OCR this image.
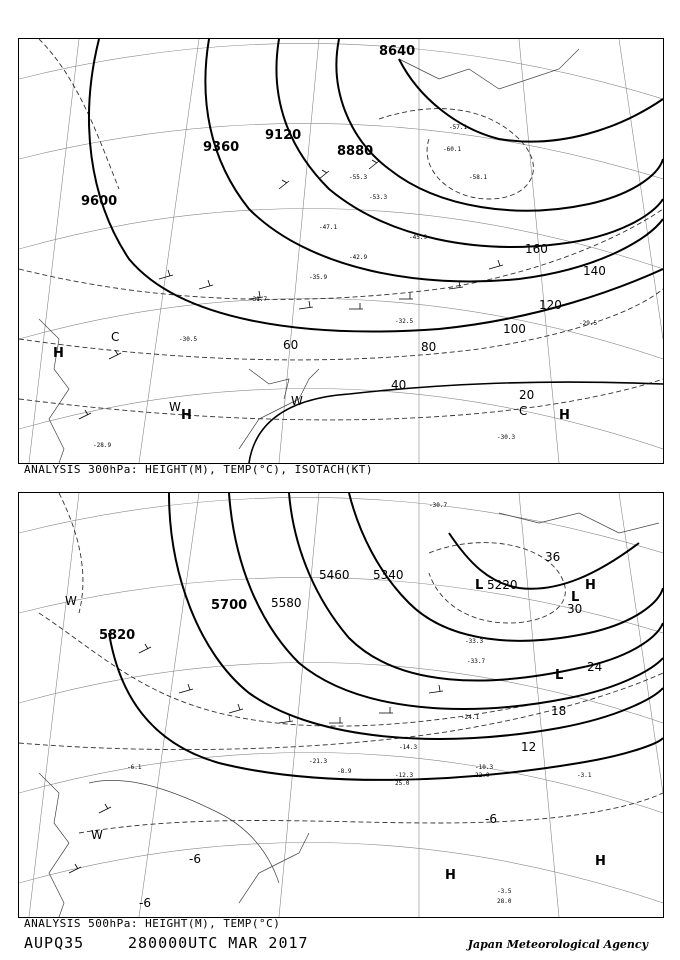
9600
9360
9120
8880
8640
20
40
60	80
100
120
140
160
H
H	H
C
C
W	W
-57.1
-55.3
-53.3
-45.9
-47.1
-42.9
-35.9
-32.5
-31.7
-30.5
-30.3
-29.5
-28.9
-58.1
-60.1
ANALYSIS 300hPa: HEIGHT(M), TEMP(°C), ISOTACH(KT)
5820
5700 5580
5460 5340
5220
-6
-6
-6
12
18
24
30
36
H
H
H
L
L
L
W
W
-33.7
-33.3
-30.7
-24.1
-21.3
-14.3
-12.3
-10.3
-8.9
-6.1
-3.5
-3.1
28.0
22.0
25.0
ANALYSIS 500hPa: HEIGHT(M), TEMP(°C)
AUPQ35	280000UTC MAR 2017	Japan Meteorological Agency
